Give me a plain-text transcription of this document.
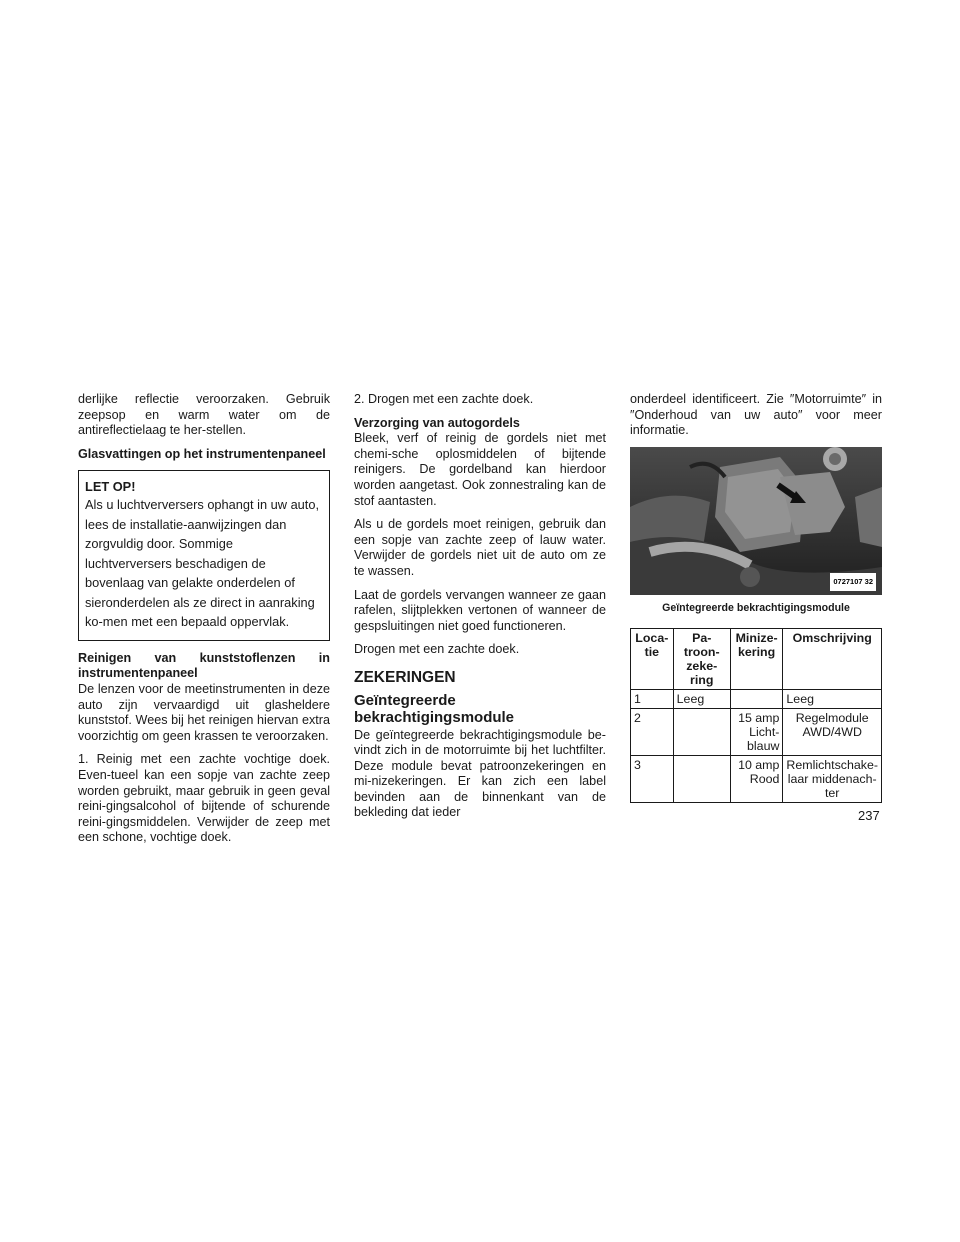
derlijke reflectie veroorzaken. Gebruik zeepsop en warm water om de antireflectielaag te her-stellen.

Glasvattingen op het instrumentenpaneel

LET OP!
Als u luchtverversers ophangt in uw auto, lees de installatie-aanwijzingen dan zorgvuldig door. Sommige luchtverversers beschadigen de bovenlaag van gelakte onderdelen of sieronderdelen als ze direct in aanraking ko-men met een bepaald oppervlak.

Reinigen van kunststoflenzen in instrumentenpaneel

De lenzen voor de meetinstrumenten in deze auto zijn vervaardigd uit glasheldere kunststof. Wees bij het reinigen hiervan extra voorzichtig om geen krassen te veroorzaken.

1. Reinig met een zachte vochtige doek. Even-tueel kan een sopje van zachte zeep worden gebruikt, maar gebruik in geen geval reini-gingsalcohol of bijtende of schurende reini-gingsmiddelen. Verwijder de zeep met een schone, vochtige doek.

2. Drogen met een zachte doek.

Verzorging van autogordels

Bleek, verf of reinig de gordels niet met chemi-sche oplosmiddelen of bijtende reinigers. De gordelband kan hierdoor worden aangetast. Ook zonnestraling kan de stof aantasten.

Als u de gordels moet reinigen, gebruik dan een sopje van zachte zeep of lauw water. Verwijder de gordels niet uit de auto om ze te wassen.

Laat de gordels vervangen wanneer ze gaan rafelen, slijtplekken vertonen of wanneer de gespsluitingen niet goed functioneren.

Drogen met een zachte doek.

ZEKERINGEN
Geïntegreerde bekrachtigingsmodule

De geïntegreerde bekrachtigingsmodule be-vindt zich in de motorruimte bij het luchtfilter. Deze module bevat patroonzekeringen en mi-nizekeringen. Er kan zich een label bevinden aan de binnenkant van de bekleding dat ieder

onderdeel identificeert. Zie ″Motorruimte″ in ″Onderhoud van uw auto″ voor meer informatie.

0727107 32
Geïntegreerde bekrachtigingsmodule
Loca-tie	Pa-troon-zeke-ring	Minize-kering	Omschrijving
1	Leeg		Leeg
2		15 amp Licht-blauw	Regelmodule AWD/4WD
3		10 amp Rood	Remlichtschake-laar middenach-ter
237
